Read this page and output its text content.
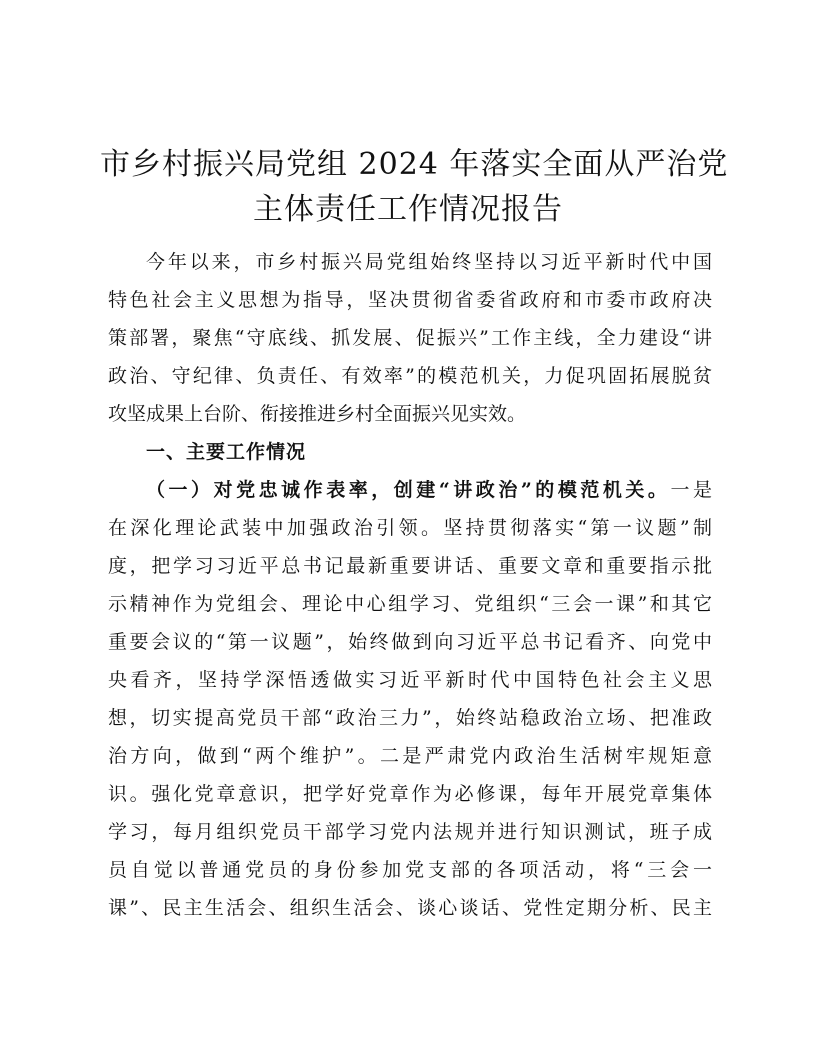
市乡村振兴局党组 2024 年落实全面从严治党
主体责任工作情况报告
今年以来，市乡村振兴局党组始终坚持以习近平新时代中国
特色社会主义思想为指导，坚决贯彻省委省政府和市委市政府决
策部署，聚焦“守底线、抓发展、促振兴”工作主线，全力建设“讲
政治、守纪律、负责任、有效率”的模范机关，力促巩固拓展脱贫
攻坚成果上台阶、衔接推进乡村全面振兴见实效。
一、主要工作情况
（一）对党忠诚作表率，创建“讲政治”的模范机关。一是
在深化理论武装中加强政治引领。坚持贯彻落实“第一议题”制
度，把学习习近平总书记最新重要讲话、重要文章和重要指示批
示精神作为党组会、理论中心组学习、党组织“三会一课”和其它
重要会议的“第一议题”，始终做到向习近平总书记看齐、向党中
央看齐，坚持学深悟透做实习近平新时代中国特色社会主义思
想，切实提高党员干部“政治三力”，始终站稳政治立场、把准政
治方向，做到“两个维护”。二是严肃党内政治生活树牢规矩意
识。强化党章意识，把学好党章作为必修课，每年开展党章集体
学习，每月组织党员干部学习党内法规并进行知识测试，班子成
员自觉以普通党员的身份参加党支部的各项活动，将“三会一
课”、民主生活会、组织生活会、谈心谈话、党性定期分析、民主
